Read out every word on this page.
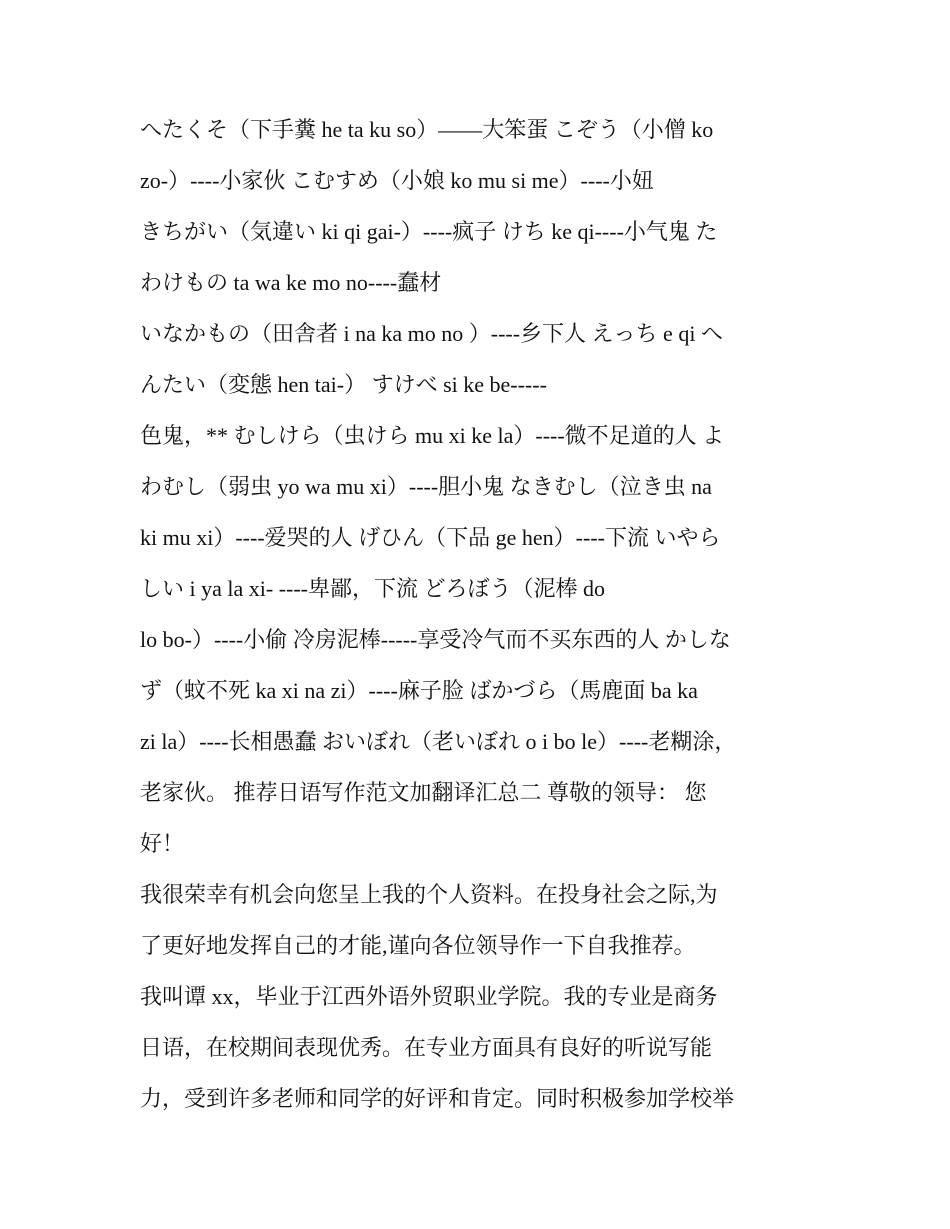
へたくそ（下手糞 he ta ku so）——大笨蛋 こぞう（小僧 ko
zo-）----小家伙 こむすめ（小娘 ko mu si me）----小妞
きちがい（気違い ki qi gai-）----疯子 けち ke qi----小气鬼 た
わけもの ta wa ke mo no----蠢材
いなかもの（田舎者 i na ka mo no ）----乡下人 えっち e qi へ
んたい（変態 hen tai-） すけべ si ke be-----
色鬼，** むしけら（虫けら mu xi ke la）----微不足道的人 よ
わむし（弱虫 yo wa mu xi）----胆小鬼 なきむし（泣き虫 na
ki mu xi）----爱哭的人 げひん（下品 ge hen）----下流 いやら
しい i ya la xi- ----卑鄙，下流 どろぼう（泥棒 do
lo bo-）----小偷 冷房泥棒-----享受冷气而不买东西的人 かしな
ず（蚊不死 ka xi na zi）----麻子脸 ばかづら（馬鹿面 ba ka
zi la）----长相愚蠢 おいぼれ（老いぼれ o i bo le）----老糊涂，
老家伙。 推荐日语写作范文加翻译汇总二 尊敬的领导： 您
好！
我很荣幸有机会向您呈上我的个人资料。在投身社会之际,为
了更好地发挥自己的才能,谨向各位领导作一下自我推荐。
我叫谭 xx，毕业于江西外语外贸职业学院。我的专业是商务
日语，在校期间表现优秀。在专业方面具有良好的听说写能
力，受到许多老师和同学的好评和肯定。同时积极参加学校举
